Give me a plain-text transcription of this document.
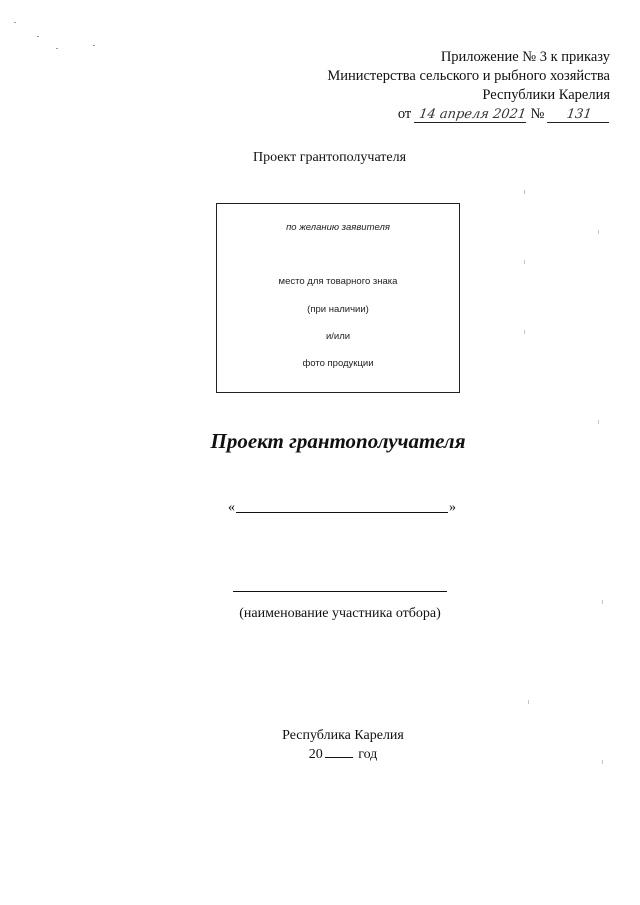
Приложение № 3 к приказу
Министерства сельского и рыбного хозяйства
Республики Карелия
от 14 апреля 2021 № 131
Проект грантополучателя
по желанию заявителя
место для товарного знака
(при наличии)
и/или
фото продукции
Проект грантополучателя
«	»
(наименование участника отбора)
Республика Карелия
20	год
